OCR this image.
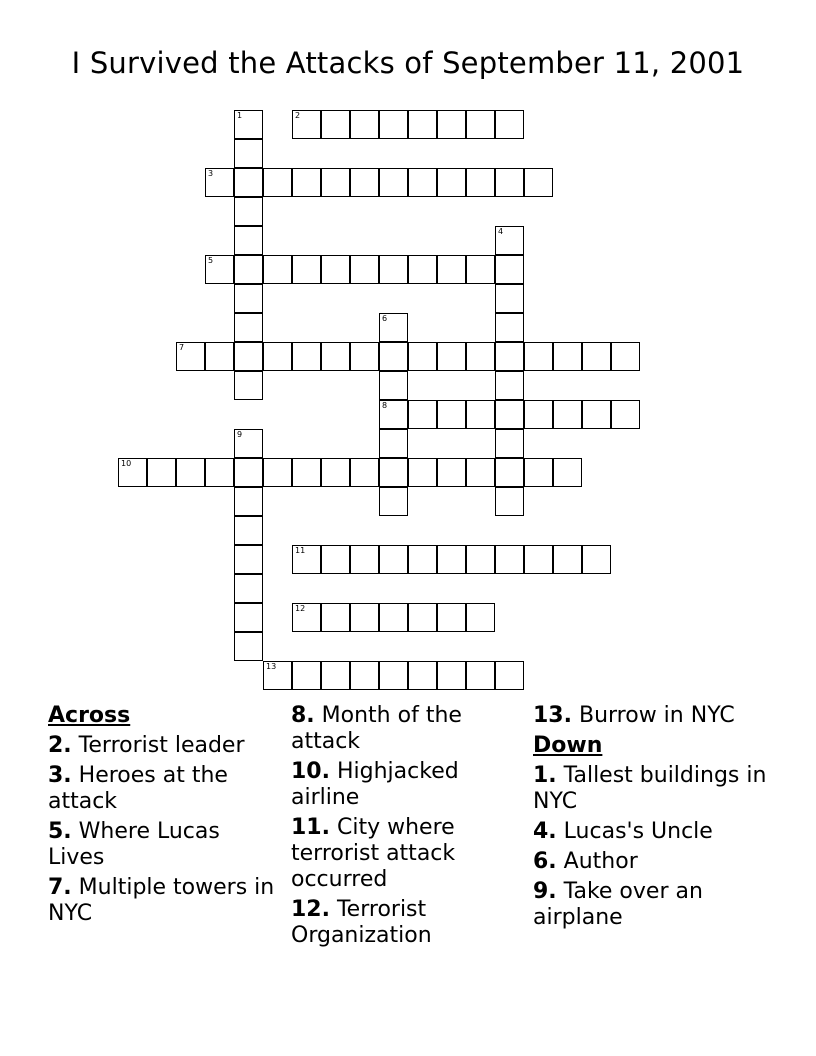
I Survived the Attacks of September 11, 2001
2
3
5
7
8
10
11
12
13
1
4
6
9
Across

2. Terrorist leader

3. Heroes at the attack

5. Where Lucas Lives

7. Multiple towers in NYC

8. Month of the attack

10. Highjacked airline

11. City where terrorist attack occurred

12. Terrorist Organization

13. Burrow in NYC

Down

1. Tallest buildings in NYC

4. Lucas's Uncle

6. Author

9. Take over an airplane
